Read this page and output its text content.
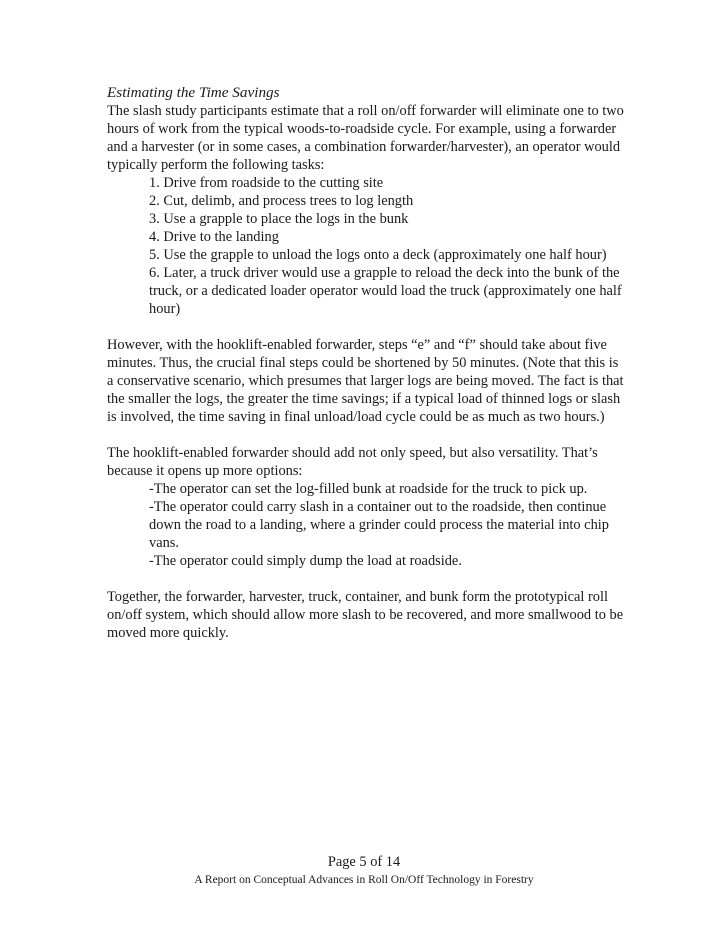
Estimating the Time Savings

The slash study participants estimate that a roll on/off forwarder will eliminate one to two hours of work from the typical woods-to-roadside cycle. For example, using a forwarder and a harvester (or in some cases, a combination forwarder/harvester), an operator would typically perform the following tasks:

1. Drive from roadside to the cutting site
2. Cut, delimb, and process trees to log length
3. Use a grapple to place the logs in the bunk
4. Drive to the landing
5. Use the grapple to unload the logs onto a deck (approximately one half hour)
6. Later, a truck driver would use a grapple to reload the deck into the bunk of the truck, or a dedicated loader operator would load the truck (approximately one half hour)

However, with the hooklift-enabled forwarder, steps “e” and “f” should take about five minutes. Thus, the crucial final steps could be shortened by 50 minutes. (Note that this is a conservative scenario, which presumes that larger logs are being moved. The fact is that the smaller the logs, the greater the time savings; if a typical load of thinned logs or slash is involved, the time saving in final unload/load cycle could be as much as two hours.)

The hooklift-enabled forwarder should add not only speed, but also versatility. That’s because it opens up more options:

-The operator can set the log-filled bunk at roadside for the truck to pick up.
-The operator could carry slash in a container out to the roadside, then continue down the road to a landing, where a grinder could process the material into chip vans.
-The operator could simply dump the load at roadside.

Together, the forwarder, harvester, truck, container, and bunk form the prototypical roll on/off system, which should allow more slash to be recovered, and more smallwood to be moved more quickly.

Page 5 of 14
A Report on Conceptual Advances in Roll On/Off Technology in Forestry
